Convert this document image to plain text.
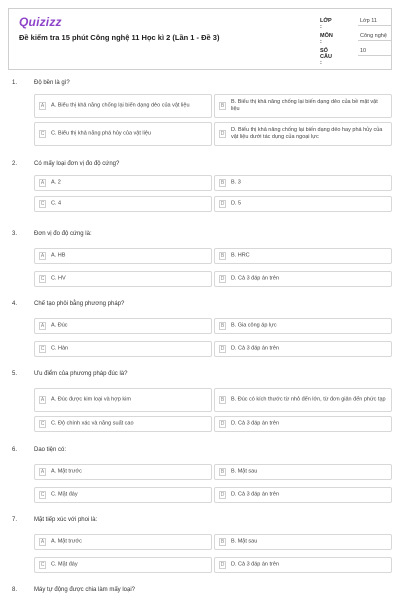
Quizizz
Đề kiểm tra 15 phút Công nghệ 11 Học kì 2 (Lần 1 - Đề 3)
LỚP :
Lớp 11
MÔN :
Công nghệ
SỐ CÂU :
10
1.	Độ bền là gì?
A	A. Biểu thị khả năng chống lại biến dạng dẻo của vật liệu	B
B. Biểu thị khả năng chống lại biến dạng dẻo của bề mặt vật liệu
C	C. Biểu thị khả năng phá hủy của vật liệu	D
D. Biểu thị khả năng chống lại biến dạng dẻo hay phá hủy của vật liệu dưới tác dụng của ngoại lực
2.	Có mấy loại đơn vị đo độ cứng?
A	A. 2	B	B. 3
C	C. 4	D	D. 5
3.	Đơn vị đo độ cứng là:
A	A. HB	B	B. HRC
C	C. HV	D	D. Cả 3 đáp án trên
4.	Chế tạo phôi bằng phương pháp?
A	A. Đúc	B	B. Gia công áp lực
C	C. Hàn	D	D. Cả 3 đáp án trên
5.	Ưu điểm của phương pháp đúc là?
A	A. Đúc được kim loại và hợp kim	B	B. Đúc có kích thước từ nhỏ đến lớn, từ đơn giản đến phức tạp
C	C. Độ chính xác và năng suất cao	D	D. Cả 3 đáp án trên
6.	Dao tiện có:
A	A. Mặt trước	B	B. Mặt sau
C	C. Mặt đáy	D	D. Cả 3 đáp án trên
7.	Mặt tiếp xúc với phoi là:
A	A. Mặt trước	B	B. Mặt sau
C	C. Mặt đáy	D	D. Cả 3 đáp án trên
8.	Máy tự động được chia làm mấy loại?
